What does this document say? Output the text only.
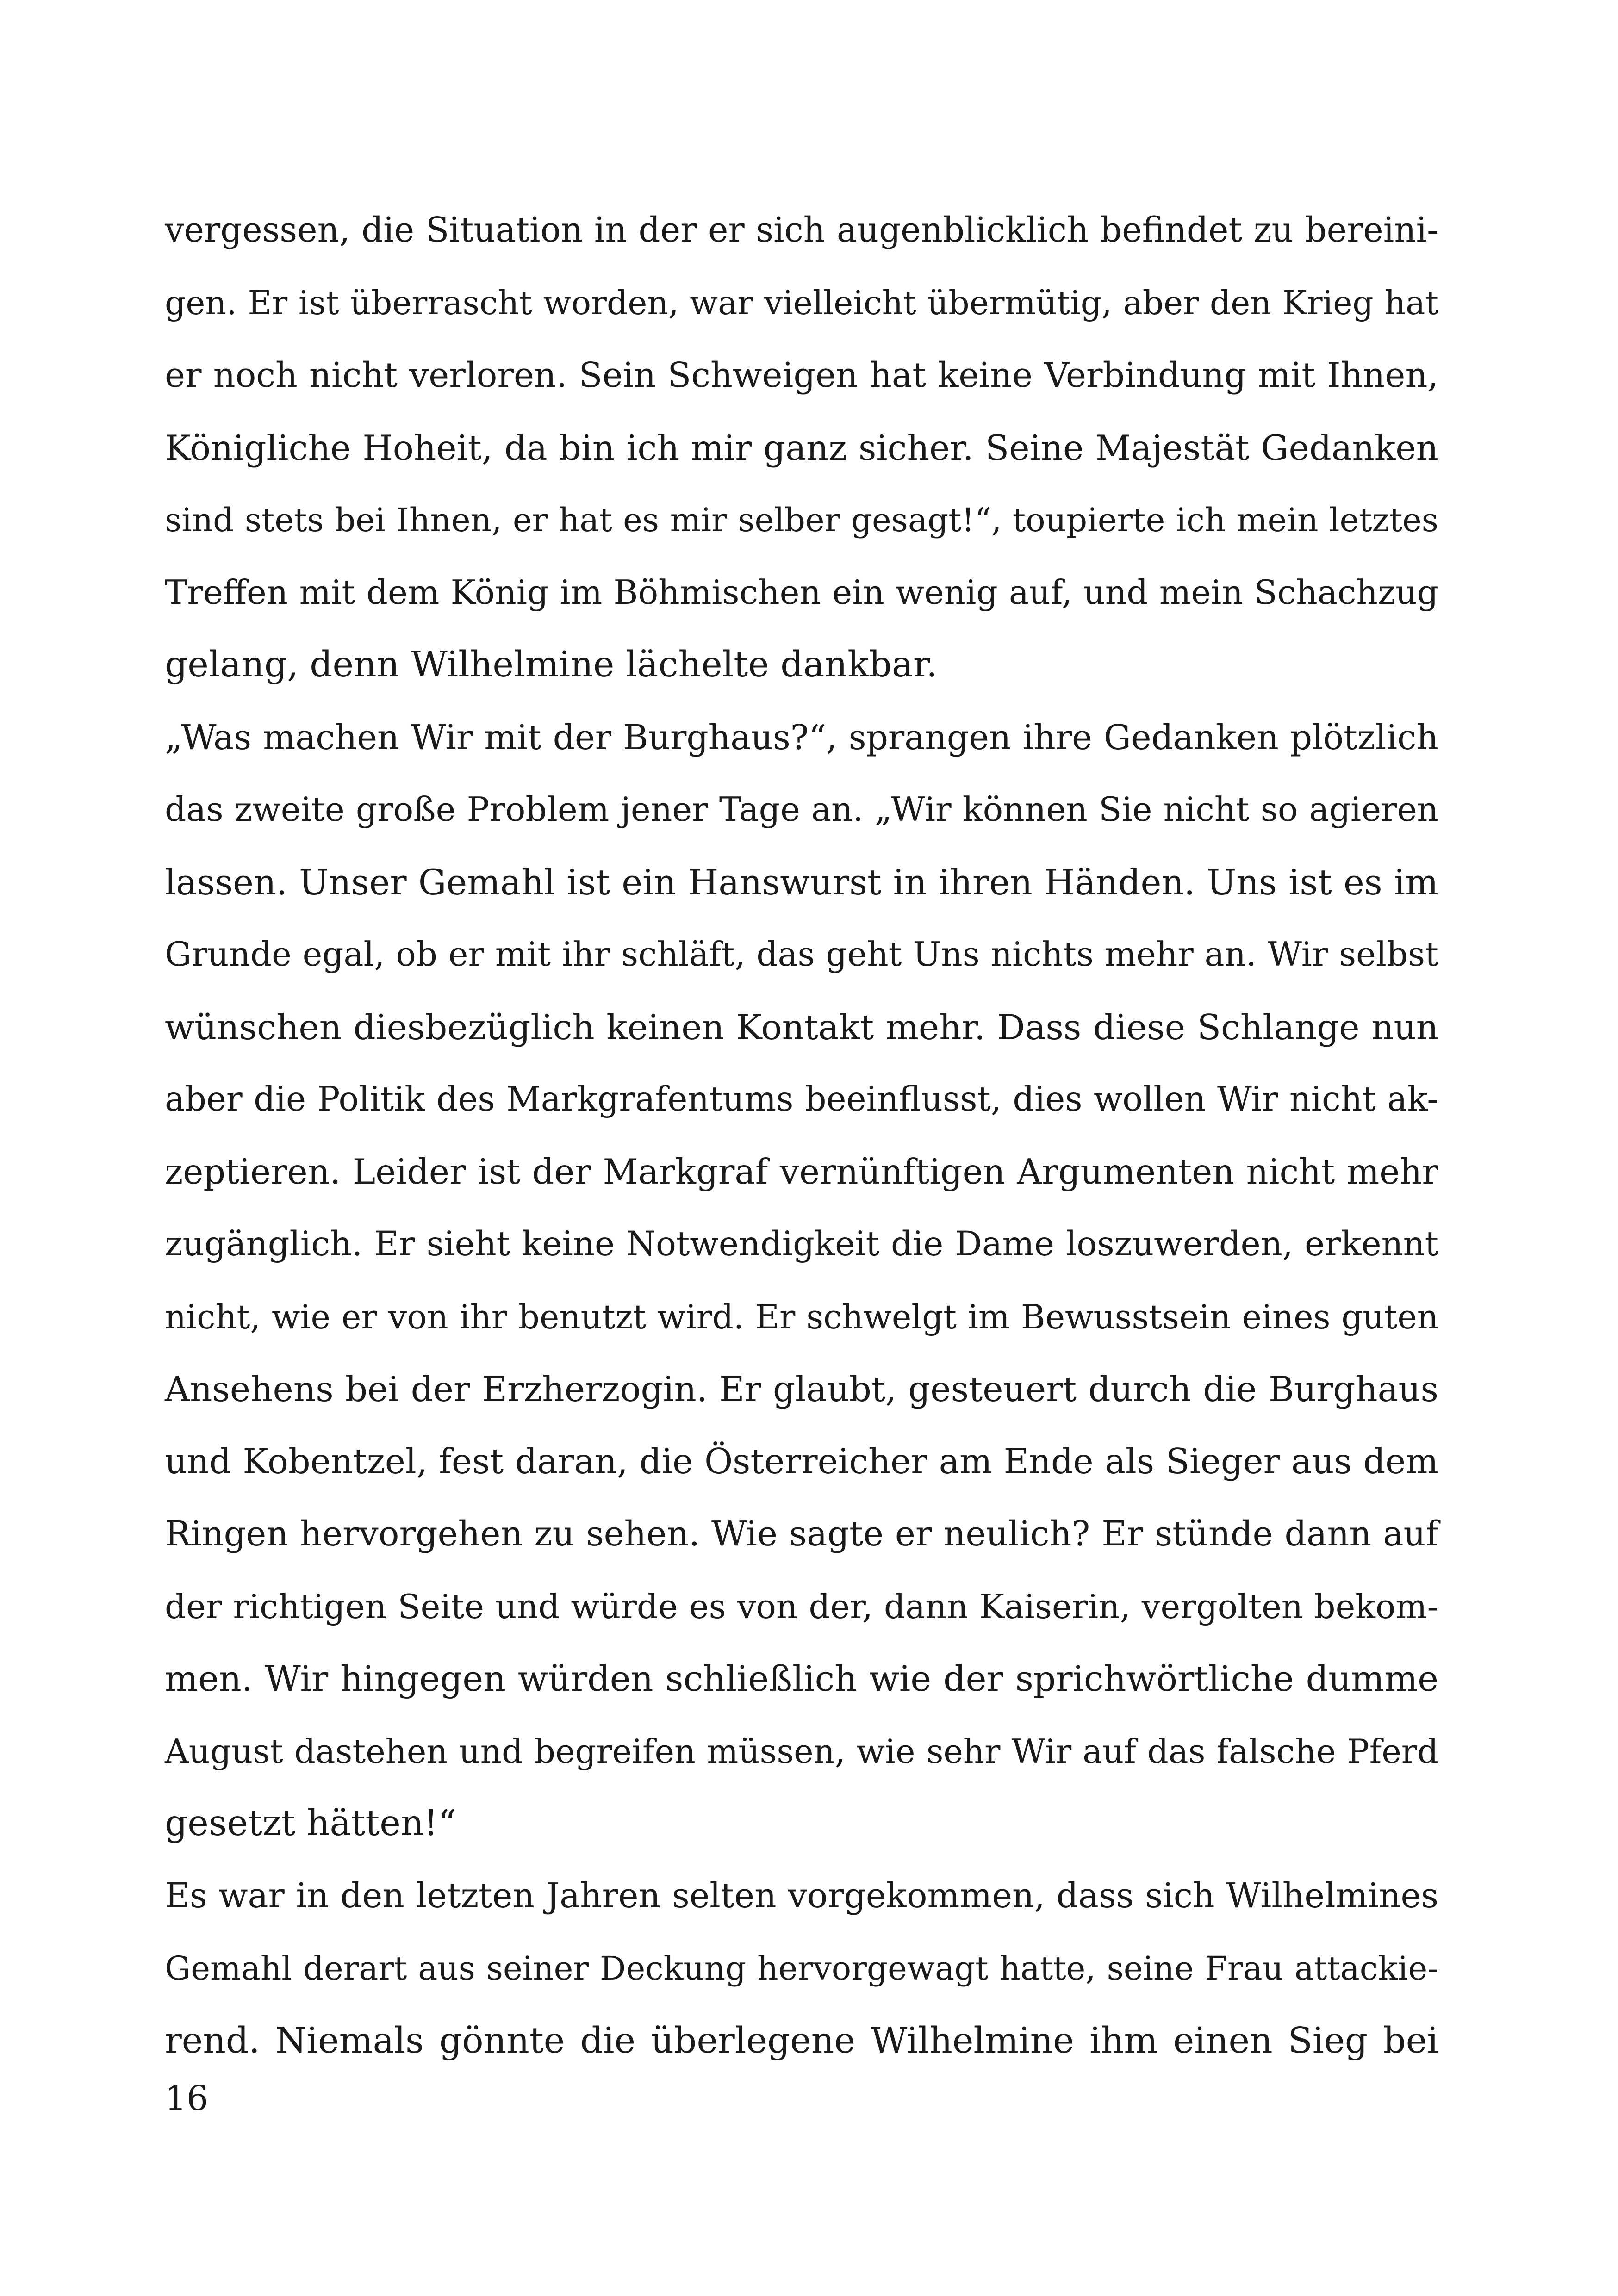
vergessen, die Situation in der er sich augenblicklich befindet zu bereini-
gen. Er ist überrascht worden, war vielleicht übermütig, aber den Krieg hat
er noch nicht verloren. Sein Schweigen hat keine Verbindung mit Ihnen,
Königliche Hoheit, da bin ich mir ganz sicher. Seine Majestät Gedanken
sind stets bei Ihnen, er hat es mir selber gesagt!“, toupierte ich mein letztes
Treffen mit dem König im Böhmischen ein wenig auf, und mein Schachzug
gelang, denn Wilhelmine lächelte dankbar.
„Was machen Wir mit der Burghaus?“, sprangen ihre Gedanken plötzlich
das zweite große Problem jener Tage an. „Wir können Sie nicht so agieren
lassen. Unser Gemahl ist ein Hanswurst in ihren Händen. Uns ist es im
Grunde egal, ob er mit ihr schläft, das geht Uns nichts mehr an. Wir selbst
wünschen diesbezüglich keinen Kontakt mehr. Dass diese Schlange nun
aber die Politik des Markgrafentums beeinflusst, dies wollen Wir nicht ak-
zeptieren. Leider ist der Markgraf vernünftigen Argumenten nicht mehr
zugänglich. Er sieht keine Notwendigkeit die Dame loszuwerden, erkennt
nicht, wie er von ihr benutzt wird. Er schwelgt im Bewusstsein eines guten
Ansehens bei der Erzherzogin. Er glaubt, gesteuert durch die Burghaus
und Kobentzel, fest daran, die Österreicher am Ende als Sieger aus dem
Ringen hervorgehen zu sehen. Wie sagte er neulich? Er stünde dann auf
der richtigen Seite und würde es von der, dann Kaiserin, vergolten bekom-
men. Wir hingegen würden schließlich wie der sprichwörtliche dumme
August dastehen und begreifen müssen, wie sehr Wir auf das falsche Pferd
gesetzt hätten!“
Es war in den letzten Jahren selten vorgekommen, dass sich Wilhelmines
Gemahl derart aus seiner Deckung hervorgewagt hatte, seine Frau attackie-
rend. Niemals gönnte die überlegene Wilhelmine ihm einen Sieg bei
16
